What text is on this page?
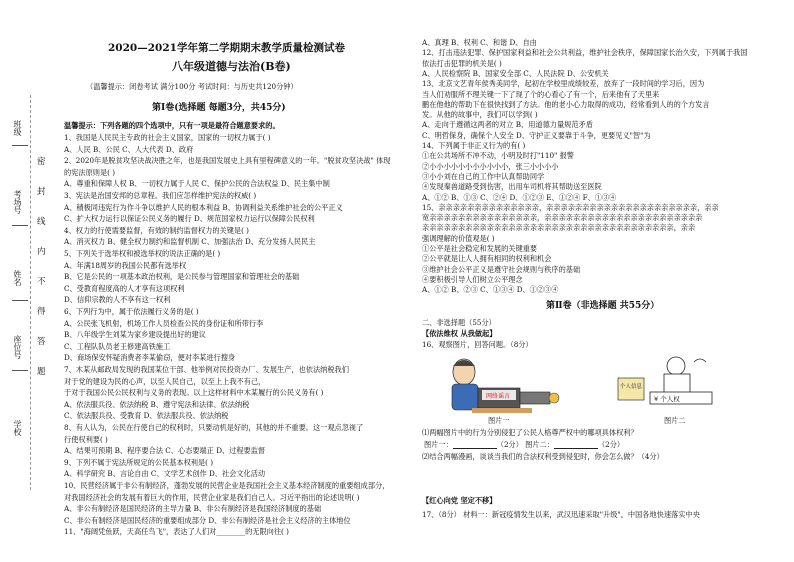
班级
考场号
姓名
座位号
学校
密
封
线
内
不
得
答
题
2020—2021学年第二学期期末教学质量检测试卷
八年级道德与法治(B卷)
（温馨提示：闭卷考试 满分100分 考试时间：与历史共120分钟）
第Ⅰ卷(选择题 每题3分，共45分)
温馨提示：下列各题的四个选项中，只有一项是最符合题意要求的。
1、我国是人民民主专政的社会主义国家，国家的一切权力属于( )
A、人民 B、公民 C、人大代表 D、政府
2、2020年是脱贫攻坚决战决胜之年，也是我国发展史上具有里程碑意义的一年。"脱贫攻坚决战" 体现
的宪法原则是( )
A、尊重和保障人权 B、一切权力属于人民 C、保护公民的合法权益 D、民主集中制
3、宪法是治国安邦的总章程。我们应怎样维护宪法的权威( )
A、積极同违宪行为作斗争以维护人民的根本利益 B、协调利益关系维护社会的公平正义
C、扩大权力运行以保证公民义务的履行 D、规范国家权力运行以保障公民权利
4、权力的行使需要监督，有效的制约监督权力的关键是( )
A、消灭权力 B、健全权力制约和监督机制 C、加强法治 D、充分发扬人民民主
5、下列关于选举权和被选举权的说法正确的是( )
A、年满18周岁的我国公民都有选举权
B、它是公民的一项基本政治权利，是公民参与管理国家和管理社会的基础
C、受教育程度高的人才享有这项权利
D、信仰宗教的人不享有这一权利
6、下列行为中，属于依法履行义务的是( )
A、公民张飞机射，机场工作人员检查公民的身份证和所带行李
B、八年级学生刘某为家乡建设提出好的建议
C、工程队队员老王修建高铁施工
D、商场保安怀疑消费者李某偷窃，便对李某进行搜身
7、木某从邮政局发现的我国某位干部、他举例对民投资办厂、发展生产，也依法纳税我们
对于党的建设为民的心声，以至人民自己，以至上上我不有己，
于对于我国公民公民权利与义务的表现。以上这样材料中木某履行的公民义务有( )
A、依法服兵役、依法纳税 B、遵守宪法和法律、依法纳税
C、依法服兵役、受教育 D、依法服兵役、依法纳税
8、有人认为，公民在行使自己的权利时，只要动机是好的，其他的并不重要。这一观点忽视了
行使权利要( )
A、结果可预期 B、程序要合法 C、心态要端正 D、过程要监督
9、下列不属于宪法所规定的公民基本权利是( )
A、科学研究 B、言论自由 C、文学艺术创作 D、社会文化活动
10、民营经济属于非公有制经济，蓬勃发展的民营企业是我国社会主义基本经济制度的重要组成部分，
对我国经济社会的发展有着巨大的作用，民营企业家是我们自己人。习近平指出的论述说明( )
A、非公有制经济是国民经济的主导力量 B、非公有制经济是我国经济制度的基础
C、非公有制经济是国民经济的重要组成部分 D、非公有制经济是社会主义经济的主体地位
11、"海阔凭鱼跃，天高任鸟飞"，表达了人们对________的无限向往( )
A、真理 B、权利 C、和谐 D、自由
12、打击违法犯罪、保护国家利益和社会公共利益，维护社会秩序，保障国家长治久安，下列属于我国
依法打击犯罪的机关是( )
A、人民检察院 B、国家安全部 C、人民法院 D、公安机关
13、北京文艺青年侯秀美同学，起初在学校里成绩较差，放弃了一段时间的学习后，因为
当人们劝服所不理关键一下了现了个的心看心了有一个，后来他有了天里来
鹏在他他的帮助下在很快找到了方法。他的老小心力取得的成功，经常看到人的的个方发言
发。从他的故事中，我们可以学到( )
A、走向于遵循这两者的对立 B、用道德力量规范矛盾
C、明哲保身，确保个人安全 D、守护正义要靠于斗争，更要见义"智"为
14、下列属于非正义行为的有( )
①在公共场所不冲不动，小明及时打"110" 报警
②小小小小小小小小小小小，张三小小小小
③小小刘在自己的工作中认真帮助同学
④发现秦兽道路受到伤害，出用车司机将其帮助送至医院
A、①② B、①③ C、②④ D、①②③ E、①②④ F、①③④
15、亲亲亲亲亲亲亲亲亲亲亲亲亲亲，亲亲亲亲亲亲亲亲亲亲亲亲亲亲亲亲亲亲亲亲亲，亲亲
宽亲亲亲亲亲亲亲亲亲亲亲亲亲亲亲，亲亲亲亲亲亲亲亲亲亲亲亲亲亲亲亲亲亲亲亲亲亲
亲亲亲亲亲亲亲亲亲亲亲亲亲亲亲亲亲亲亲亲亲亲亲亲亲亲亲亲亲亲亲亲亲亲亲，亲亲
强调理解的价值观是( )
①公平是社会稳定和发展的关键重要
②公平就是让人人拥有相同的权利和机会
③维护社会公平正义是遵守社会规则与秩序的基础
④要积极引导人们树立公平理念
A、①② B、②③ C、①③④ D、①②③④
第Ⅱ卷（非选择题 共55分）
二、非选择题（55分）
【依法维权 从我做起】
16、观察图片，回答问题。（8分）
网络谣言
图片一
个人信息
¥ 个人权
图片二
⑴两幅图片中的行为分别侵犯了公民人格尊严权中的哪项具体权利？
图片一：	（2分） 图片二：	（2分）
⑵结合两幅漫画，谈谈当我们的合法权利受到侵犯时，你会怎么做？（4分）
【红心向党 坚定不移】
17、（8分） 材料一：新冠疫情发生以来，武汉迅速采取"升级"，中国各地快速落实中央
